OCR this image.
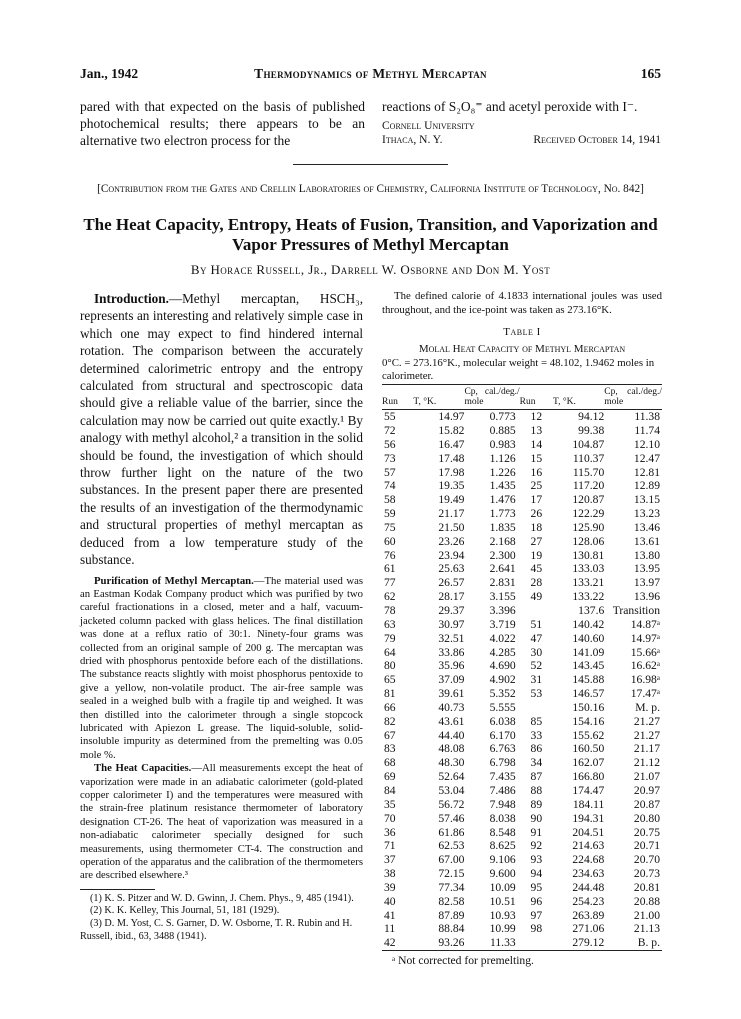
Jan., 1942	Thermodynamics of Methyl Mercaptan	165
pared with that expected on the basis of published photochemical results; there appears to be an alternative two electron process for the
reactions of S₂O₈⁼ and acetyl peroxide with I⁻.
Cornell University
Ithaca, N. Y.	Received October 14, 1941
[Contribution from the Gates and Crellin Laboratories of Chemistry, California Institute of Technology, No. 842]
The Heat Capacity, Entropy, Heats of Fusion, Transition, and Vaporization and Vapor Pressures of Methyl Mercaptan
By Horace Russell, Jr., Darrell W. Osborne and Don M. Yost

Introduction.—Methyl mercaptan, HSCH₃, represents an interesting and relatively simple case in which one may expect to find hindered internal rotation. The comparison between the accurately determined calorimetric entropy and the entropy calculated from structural and spectroscopic data should give a reliable value of the barrier, since the calculation may now be carried out quite exactly.¹ By analogy with methyl alcohol,² a transition in the solid should be found, the investigation of which should throw further light on the nature of the two substances. In the present paper there are presented the results of an investigation of the thermodynamic and structural properties of methyl mercaptan as deduced from a low temperature study of the substance.

Purification of Methyl Mercaptan.—The material used was an Eastman Kodak Company product which was purified by two careful fractionations in a closed, meter and a half, vacuum-jacketed column packed with glass helices. The final distillation was done at a reflux ratio of 30:1. Ninety-four grams was collected from an original sample of 200 g. The mercaptan was dried with phosphorus pentoxide before each of the distillations. The substance reacts slightly with moist phosphorus pentoxide to give a yellow, non-volatile product. The air-free sample was sealed in a weighed bulb with a fragile tip and weighed. It was then distilled into the calorimeter through a single stopcock lubricated with Apiezon L grease. The liquid-soluble, solid-insoluble impurity as determined from the premelting was 0.05 mole %.

The Heat Capacities.—All measurements except the heat of vaporization were made in an adiabatic calorimeter (gold-plated copper calorimeter I) and the temperatures were measured with the strain-free platinum resistance thermometer of laboratory designation CT-26. The heat of vaporization was measured in a non-adiabatic calorimeter specially designed for such measurements, using thermometer CT-4. The construction and operation of the apparatus and the calibration of the thermometers are described elsewhere.³

(1) K. S. Pitzer and W. D. Gwinn, J. Chem. Phys., 9, 485 (1941).
(2) K. K. Kelley, This Journal, 51, 181 (1929).
(3) D. M. Yost, C. S. Garner, D. W. Osborne, T. R. Rubin and H. Russell, ibid., 63, 3488 (1941).
The defined calorie of 4.1833 international joules was used throughout, and the ice-point was taken as 273.16°K.
Table I
Molal Heat Capacity of Methyl Mercaptan
0°C. = 273.16°K., molecular weight = 48.102, 1.9462 moles in calorimeter.
Run	T, °K.	Cp, cal./deg./ mole	Run	T, °K.	Cp, cal./deg./ mole
55	14.97	0.773	12	94.12	11.38
72	15.82	0.885	13	99.38	11.74
56	16.47	0.983	14	104.87	12.10
73	17.48	1.126	15	110.37	12.47
57	17.98	1.226	16	115.70	12.81
74	19.35	1.435	25	117.20	12.89
58	19.49	1.476	17	120.87	13.15
59	21.17	1.773	26	122.29	13.23
75	21.50	1.835	18	125.90	13.46
60	23.26	2.168	27	128.06	13.61
76	23.94	2.300	19	130.81	13.80
61	25.63	2.641	45	133.03	13.95
77	26.57	2.831	28	133.21	13.97
62	28.17	3.155	49	133.22	13.96
78	29.37	3.396		137.6	Transition
63	30.97	3.719	51	140.42	14.87ᵃ
79	32.51	4.022	47	140.60	14.97ᵃ
64	33.86	4.285	30	141.09	15.66ᵃ
80	35.96	4.690	52	143.45	16.62ᵃ
65	37.09	4.902	31	145.88	16.98ᵃ
81	39.61	5.352	53	146.57	17.47ᵃ
66	40.73	5.555		150.16	M. p.
82	43.61	6.038	85	154.16	21.27
67	44.40	6.170	33	155.62	21.27
83	48.08	6.763	86	160.50	21.17
68	48.30	6.798	34	162.07	21.12
69	52.64	7.435	87	166.80	21.07
84	53.04	7.486	88	174.47	20.97
35	56.72	7.948	89	184.11	20.87
70	57.46	8.038	90	194.31	20.80
36	61.86	8.548	91	204.51	20.75
71	62.53	8.625	92	214.63	20.71
37	67.00	9.106	93	224.68	20.70
38	72.15	9.600	94	234.63	20.73
39	77.34	10.09	95	244.48	20.81
40	82.58	10.51	96	254.23	20.88
41	87.89	10.93	97	263.89	21.00
11	88.84	10.99	98	271.06	21.13
42	93.26	11.33		279.12	B. p.
ᵃ Not corrected for premelting.
